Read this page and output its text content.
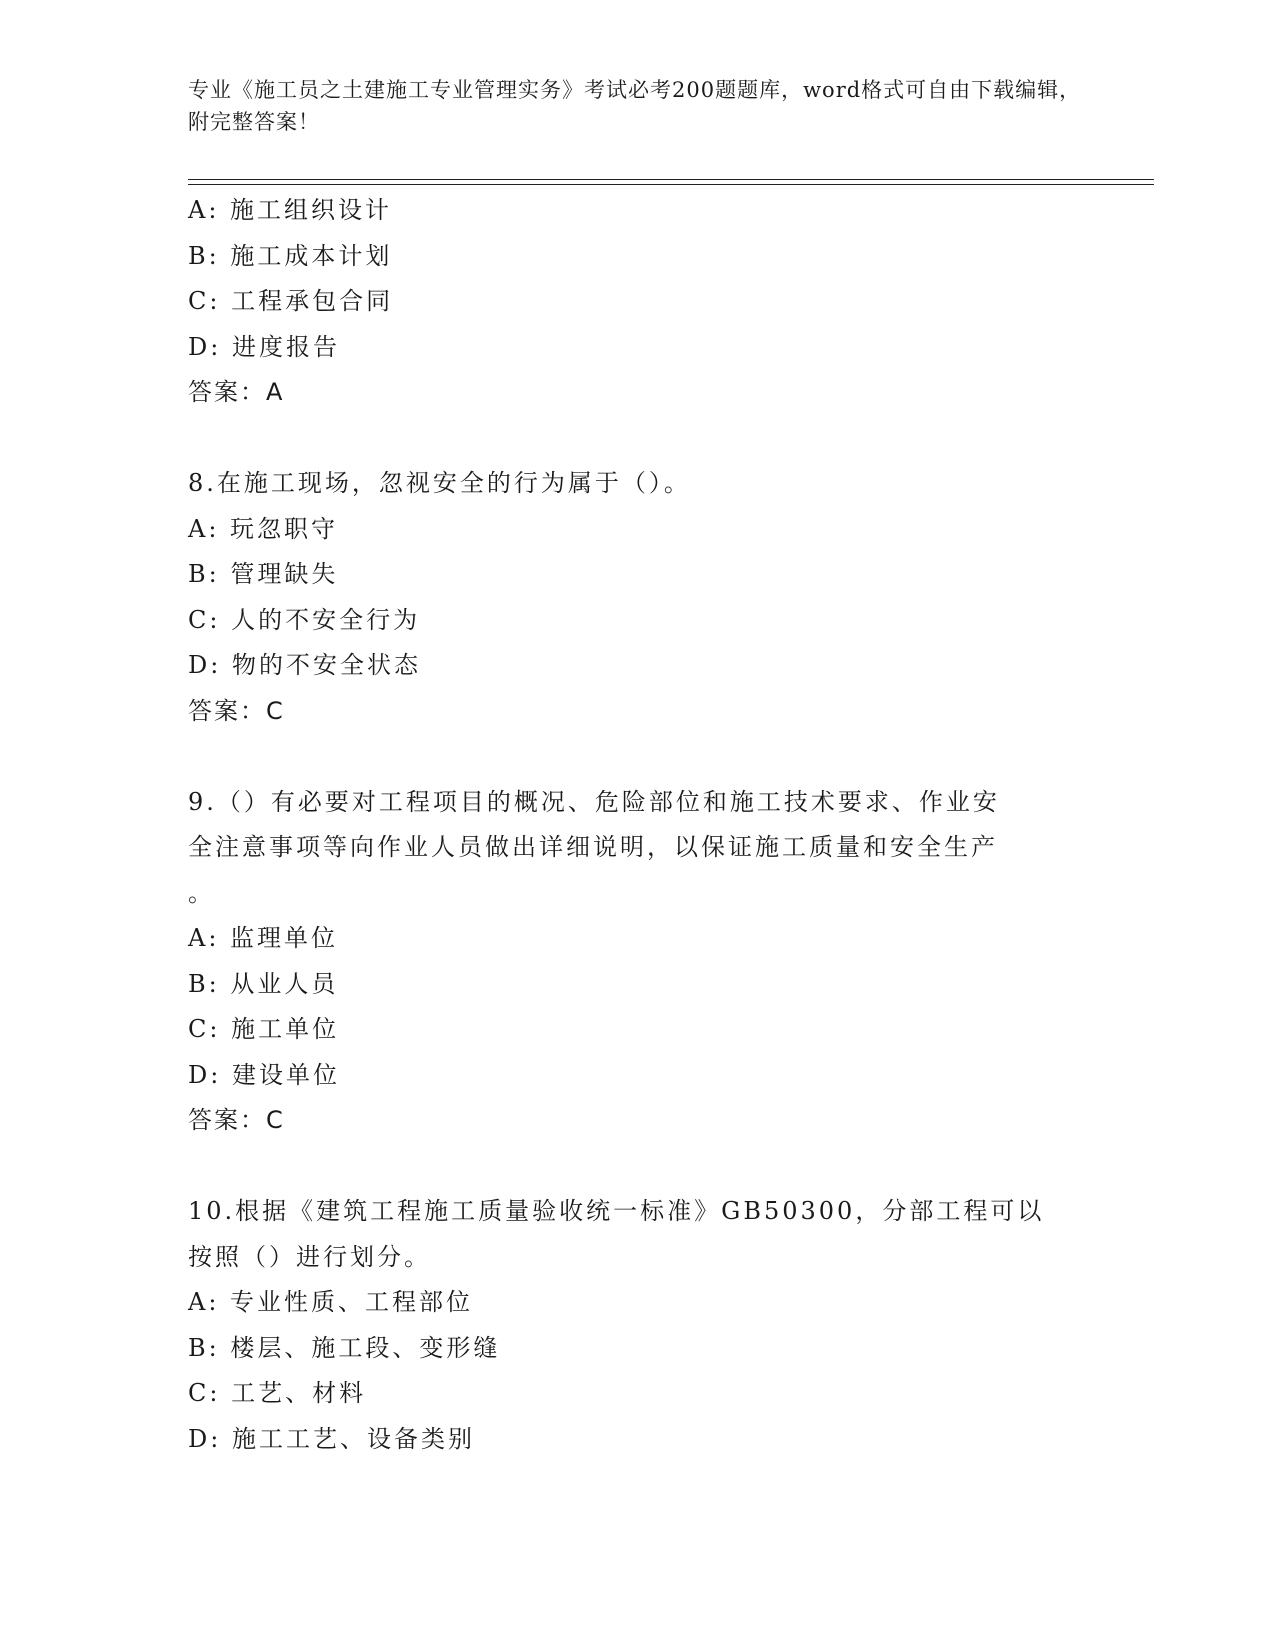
专业《施工员之土建施工专业管理实务》考试必考200题题库，word格式可自由下载编辑，附完整答案！
A: 施工组织设计
B: 施工成本计划
C: 工程承包合同
D: 进度报告
答案：A
8.在施工现场，忽视安全的行为属于（）。
A: 玩忽职守
B: 管理缺失
C: 人的不安全行为
D: 物的不安全状态
答案：C
9.（）有必要对工程项目的概况、危险部位和施工技术要求、作业安
全注意事项等向作业人员做出详细说明，以保证施工质量和安全生产
。
A: 监理单位
B: 从业人员
C: 施工单位
D: 建设单位
答案：C
10.根据《建筑工程施工质量验收统一标准》GB50300，分部工程可以
按照（）进行划分。
A: 专业性质、工程部位
B: 楼层、施工段、变形缝
C: 工艺、材料
D: 施工工艺、设备类别
